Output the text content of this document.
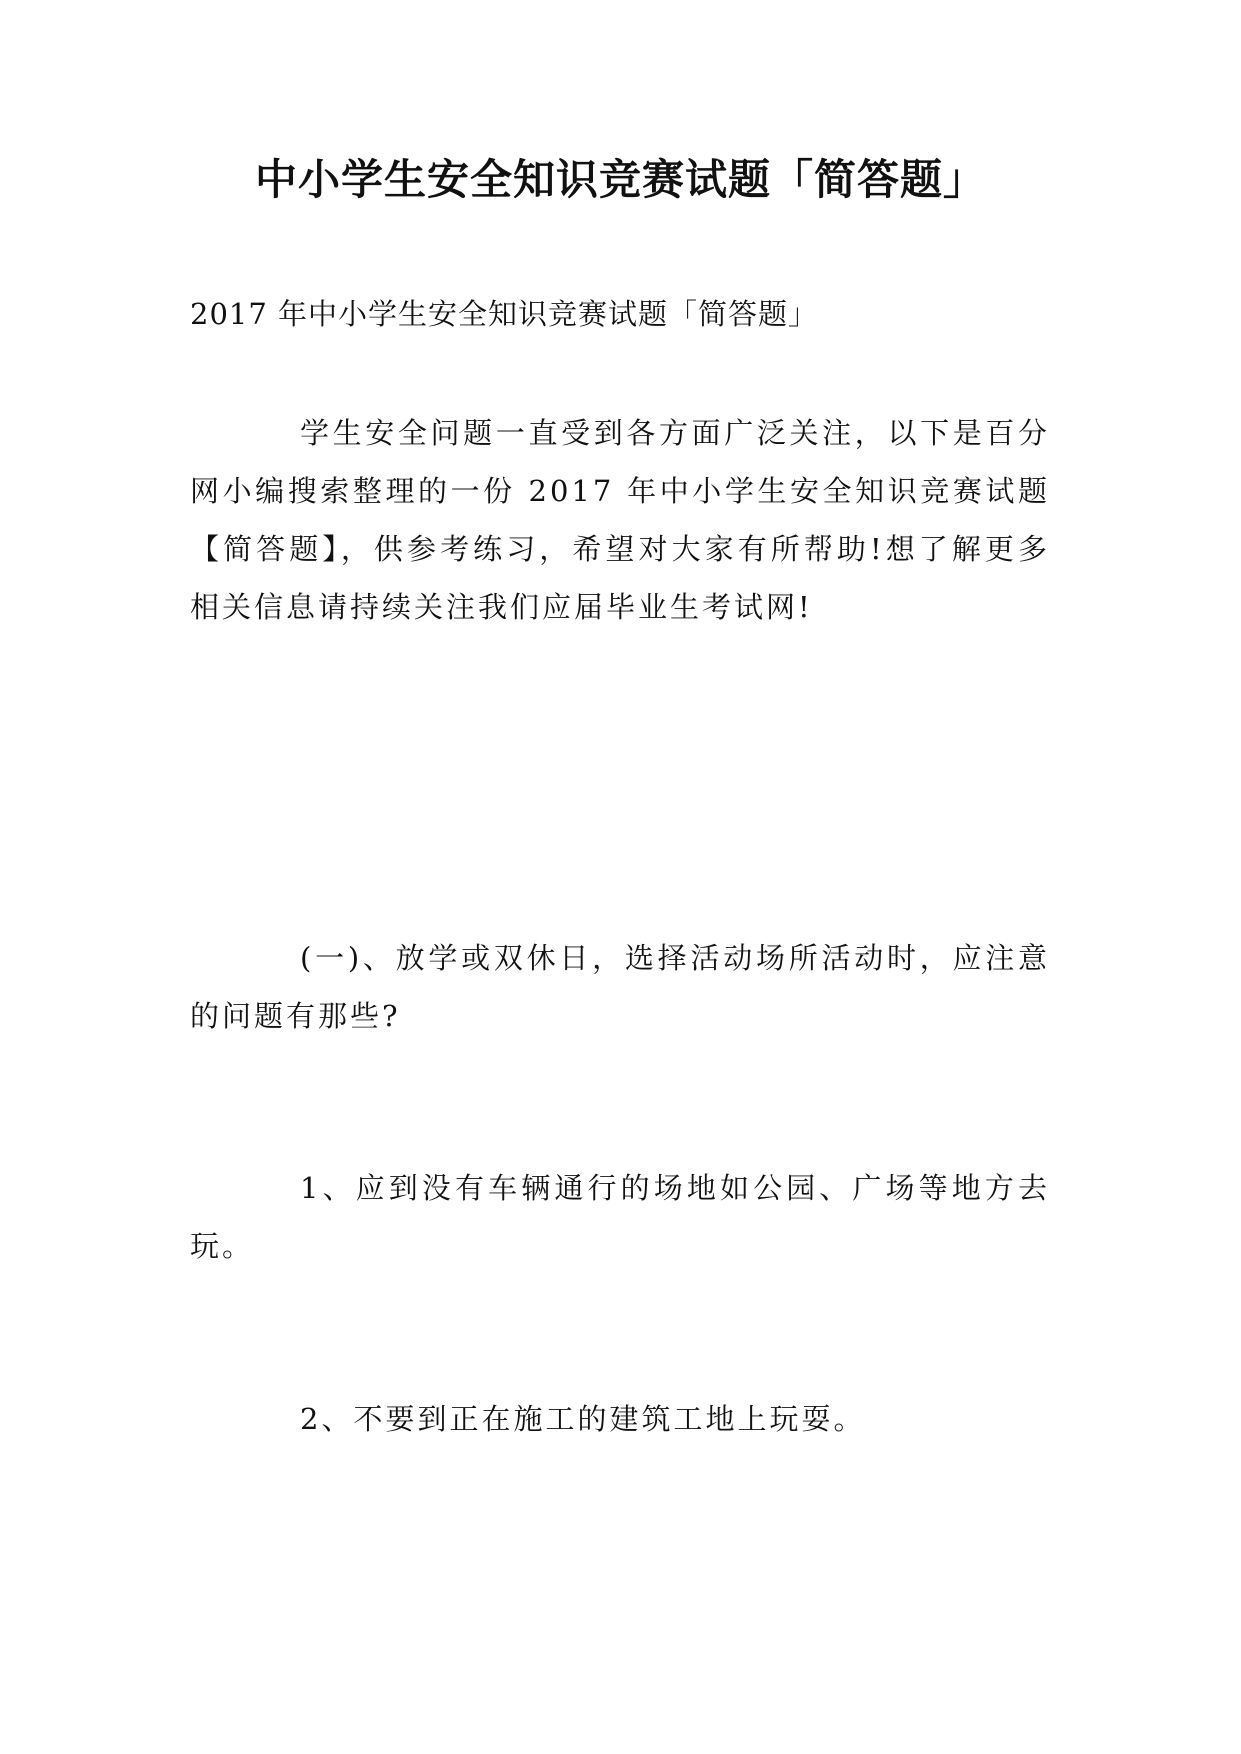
中小学生安全知识竞赛试题「简答题」
2017 年中小学生安全知识竞赛试题「简答题」
学生安全问题一直受到各方面广泛关注，以下是百分网小编搜索整理的一份 2017 年中小学生安全知识竞赛试题【简答题】，供参考练习，希望对大家有所帮助!想了解更多相关信息请持续关注我们应届毕业生考试网!
(一)、放学或双休日，选择活动场所活动时，应注意的问题有那些?
1、应到没有车辆通行的场地如公园、广场等地方去玩。
2、不要到正在施工的建筑工地上玩耍。
